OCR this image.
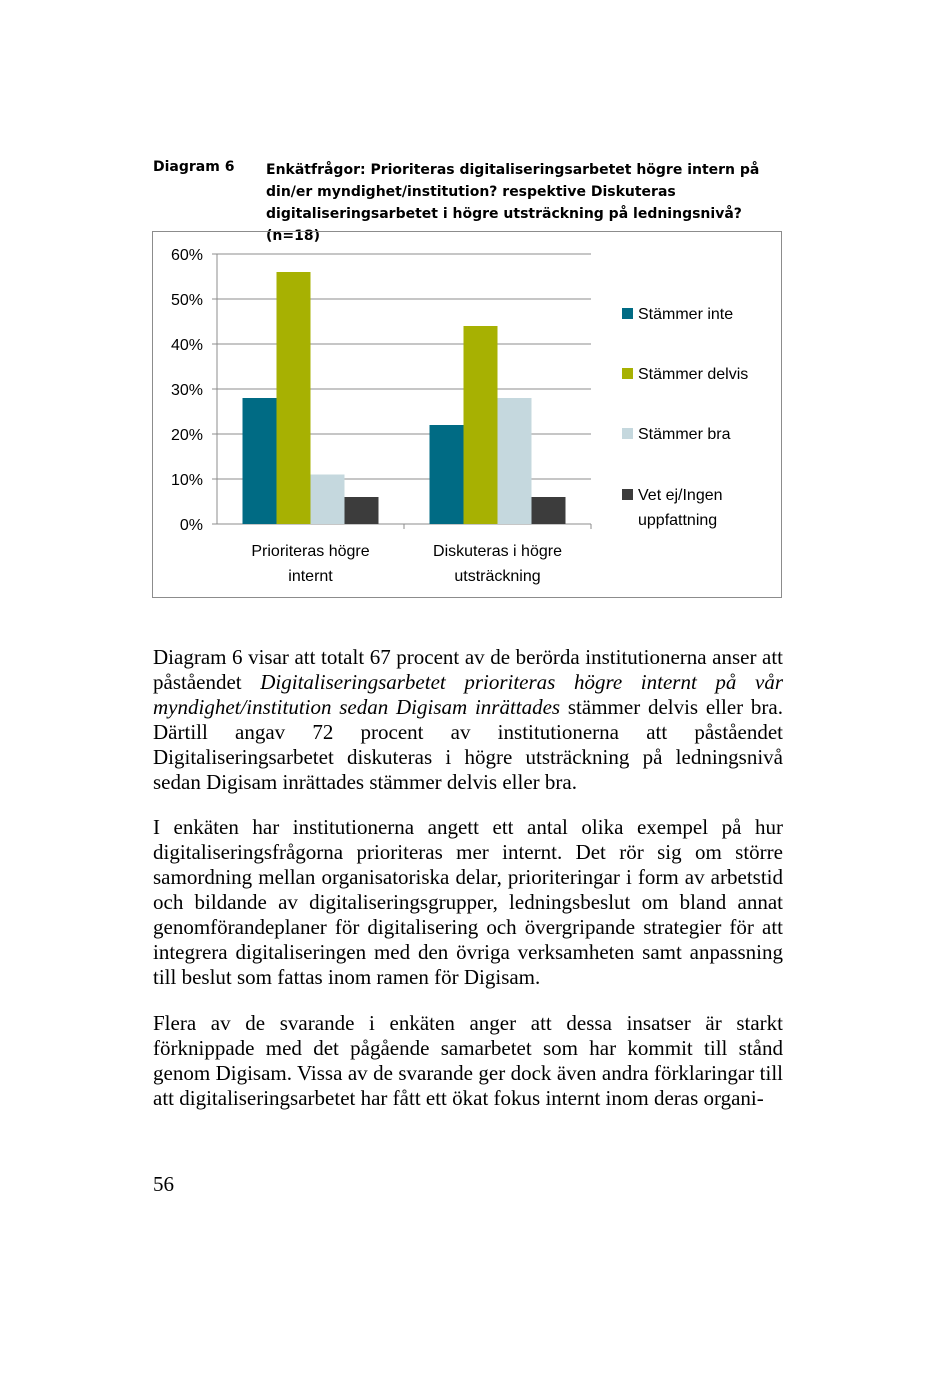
Diagram 6 Enkätfrågor: Prioriteras digitaliseringsarbetet högre intern på din/er myndighet/institution? respektive Diskuteras digitaliseringsarbetet i högre utsträckning på ledningsnivå? (n=18)
0%
10%
20%
30%
40%
50%
60%
Prioriteras högre
internt
Diskuteras i högre
utsträckning
Stämmer inte
Stämmer delvis
Stämmer bra
Vet ej/Ingen
uppfattning

Diagram 6 visar att totalt 67 procent av de berörda institutionerna anser att påståendet Digitaliseringsarbetet prioriteras högre internt på vår myndighet/institution sedan Digisam inrättades stämmer delvis eller bra. Därtill angav 72 procent av institutionerna att påståendet Digitaliseringsarbetet diskuteras i högre utsträckning på ledningsnivå sedan Digisam inrättades stämmer delvis eller bra.

I enkäten har institutionerna angett ett antal olika exempel på hur digitaliseringsfrågorna prioriteras mer internt. Det rör sig om större samordning mellan organisatoriska delar, prioriteringar i form av arbetstid och bildande av digitaliseringsgrupper, ledningsbeslut om bland annat genomförandeplaner för digitalisering och övergripande strategier för att integrera digitaliseringen med den övriga verksamheten samt anpassning till beslut som fattas inom ramen för Digisam.

Flera av de svarande i enkäten anger att dessa insatser är starkt förknippade med det pågående samarbetet som har kommit till stånd genom Digisam. Vissa av de svarande ger dock även andra förklaringar till att digitaliseringsarbetet har fått ett ökat fokus internt inom deras organi-

56
